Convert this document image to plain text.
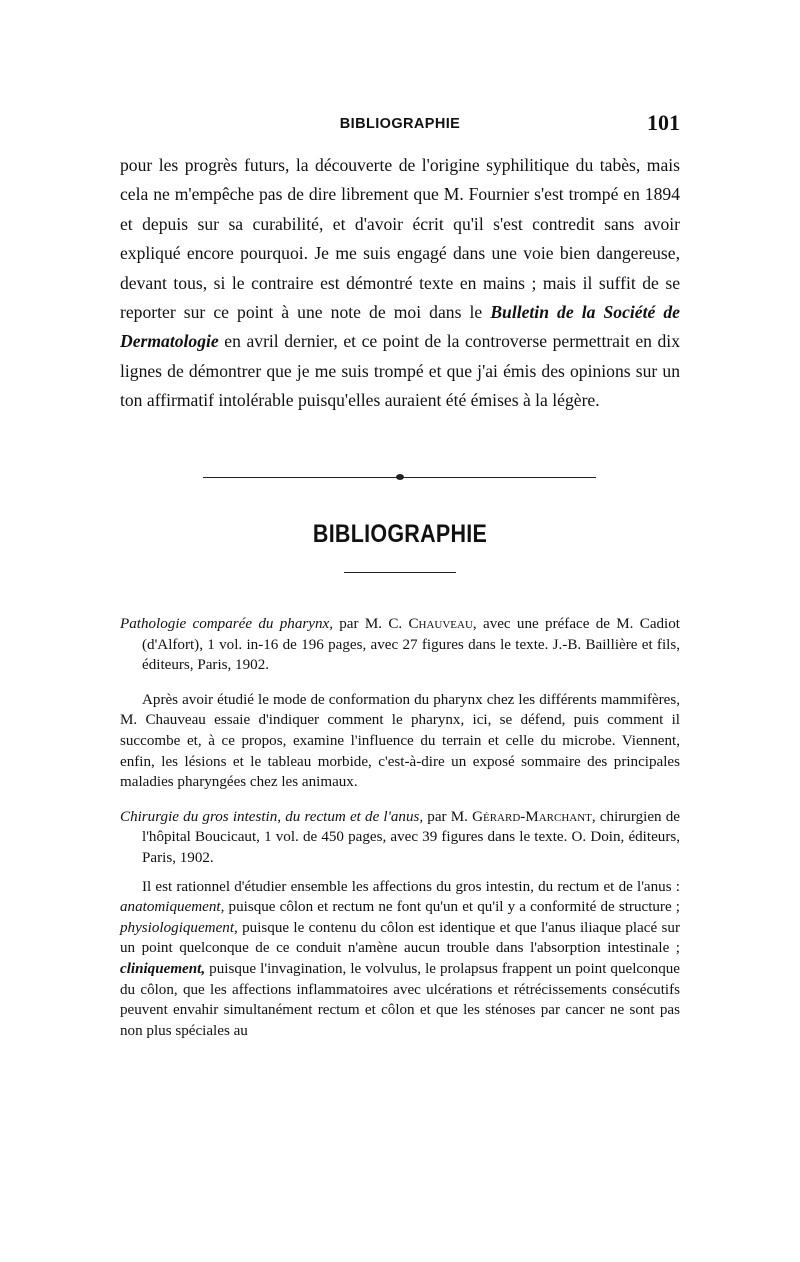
BIBLIOGRAPHIE	101

pour les progrès futurs, la découverte de l'origine syphilitique du tabès, mais cela ne m'empêche pas de dire librement que M. Fournier s'est trompé en 1894 et depuis sur sa curabilité, et d'avoir écrit qu'il s'est contredit sans avoir expliqué encore pourquoi. Je me suis engagé dans une voie bien dangereuse, devant tous, si le contraire est démontré texte en mains ; mais il suffit de se reporter sur ce point à une note de moi dans le Bulletin de la Société de Dermatologie en avril dernier, et ce point de la controverse permettrait en dix lignes de démontrer que je me suis trompé et que j'ai émis des opinions sur un ton affirmatif intolérable puisqu'elles auraient été émises à la légère.

BIBLIOGRAPHIE

Pathologie comparée du pharynx, par M. C. Chauveau, avec une préface de M. Cadiot (d'Alfort), 1 vol. in-16 de 196 pages, avec 27 figures dans le texte. J.-B. Baillière et fils, éditeurs, Paris, 1902.

Après avoir étudié le mode de conformation du pharynx chez les différents mammifères, M. Chauveau essaie d'indiquer comment le pharynx, ici, se défend, puis comment il succombe et, à ce propos, examine l'influence du terrain et celle du microbe. Viennent, enfin, les lésions et le tableau morbide, c'est-à-dire un exposé sommaire des principales maladies pharyngées chez les animaux.

Chirurgie du gros intestin, du rectum et de l'anus, par M. Gérard-Marchant, chirurgien de l'hôpital Boucicaut, 1 vol. de 450 pages, avec 39 figures dans le texte. O. Doin, éditeurs, Paris, 1902.

Il est rationnel d'étudier ensemble les affections du gros intestin, du rectum et de l'anus : anatomiquement, puisque côlon et rectum ne font qu'un et qu'il y a conformité de structure ; physiologiquement, puisque le contenu du côlon est identique et que l'anus iliaque placé sur un point quelconque de ce conduit n'amène aucun trouble dans l'absorption intestinale ; cliniquement, puisque l'invagination, le volvulus, le prolapsus frappent un point quelconque du côlon, que les affections inflammatoires avec ulcérations et rétrécissements consécutifs peuvent envahir simultanément rectum et côlon et que les sténoses par cancer ne sont pas non plus spéciales au
